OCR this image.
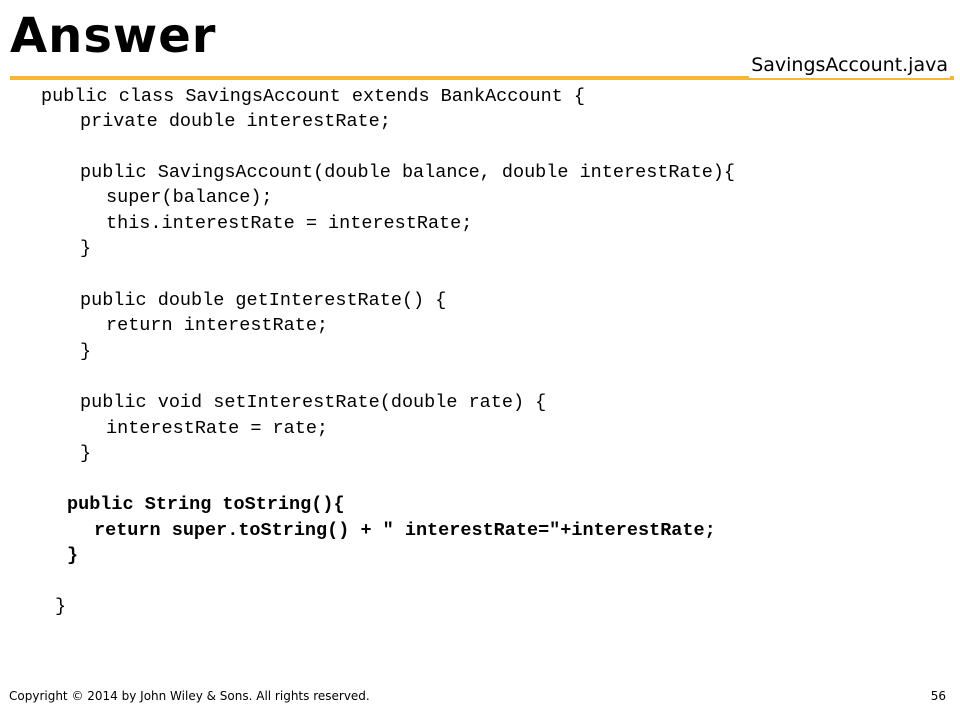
Answer
SavingsAccount.java
public class SavingsAccount extends BankAccount {
private double interestRate;
public SavingsAccount(double balance, double interestRate){
super(balance);
this.interestRate = interestRate;
}
public double getInterestRate() {
return interestRate;
}
public void setInterestRate(double rate) {
interestRate = rate;
}
public String toString(){
return super.toString() + " interestRate="+interestRate;
}
}
Copyright © 2014 by John Wiley & Sons. All rights reserved.	56
